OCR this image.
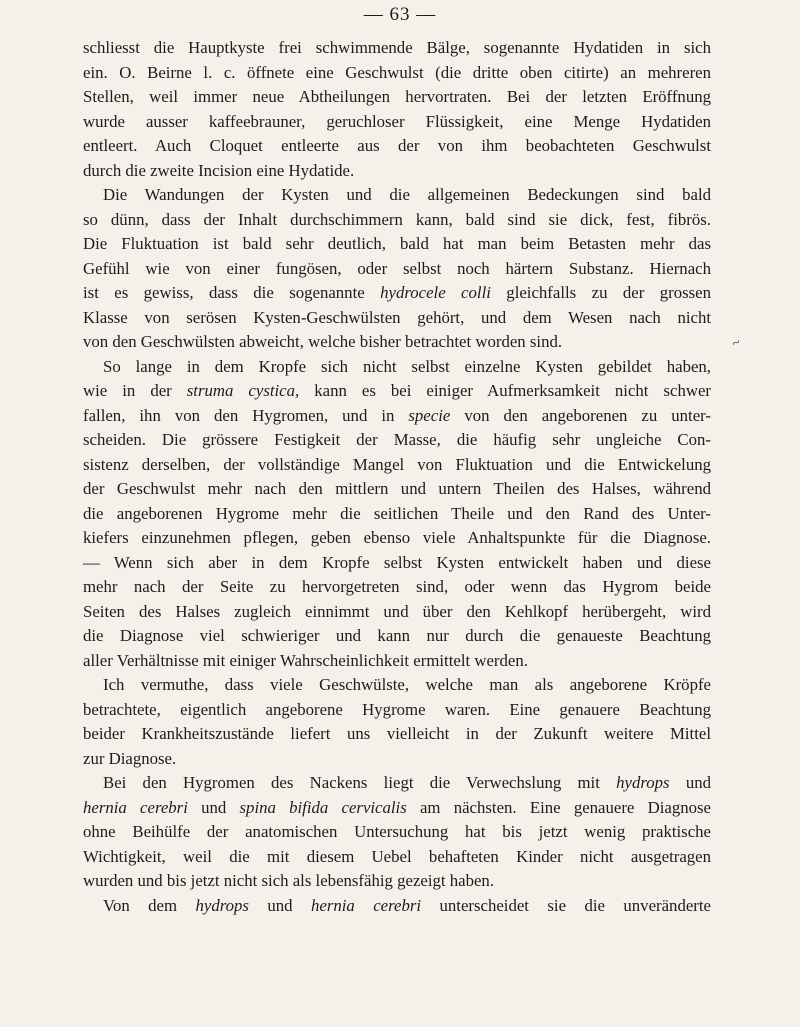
— 63 —
schliesst die Hauptkyste frei schwimmende Bälge, sogenannte Hydatiden in sich
ein. O. Beirne l. c. öffnete eine Geschwulst (die dritte oben citirte) an mehreren
Stellen, weil immer neue Abtheilungen hervortraten. Bei der letzten Eröffnung
wurde ausser kaffeebrauner, geruchloser Flüssigkeit, eine Menge Hydatiden
entleert. Auch Cloquet entleerte aus der von ihm beobachteten Geschwulst
durch die zweite Incision eine Hydatide.
Die Wandungen der Kysten und die allgemeinen Bedeckungen sind bald
so dünn, dass der Inhalt durchschimmern kann, bald sind sie dick, fest, fibrös.
Die Fluktuation ist bald sehr deutlich, bald hat man beim Betasten mehr das
Gefühl wie von einer fungösen, oder selbst noch härtern Substanz. Hiernach
ist es gewiss, dass die sogenannte hydrocele colli gleichfalls zu der grossen
Klasse von serösen Kysten-Geschwülsten gehört, und dem Wesen nach nicht
von den Geschwülsten abweicht, welche bisher betrachtet worden sind.
So lange in dem Kropfe sich nicht selbst einzelne Kysten gebildet haben,
wie in der struma cystica, kann es bei einiger Aufmerksamkeit nicht schwer
fallen, ihn von den Hygromen, und in specie von den angeborenen zu unter-
scheiden. Die grössere Festigkeit der Masse, die häufig sehr ungleiche Con-
sistenz derselben, der vollständige Mangel von Fluktuation und die Entwickelung
der Geschwulst mehr nach den mittlern und untern Theilen des Halses, während
die angeborenen Hygrome mehr die seitlichen Theile und den Rand des Unter-
kiefers einzunehmen pflegen, geben ebenso viele Anhaltspunkte für die Diagnose.
— Wenn sich aber in dem Kropfe selbst Kysten entwickelt haben und diese
mehr nach der Seite zu hervorgetreten sind, oder wenn das Hygrom beide
Seiten des Halses zugleich einnimmt und über den Kehlkopf herübergeht, wird
die Diagnose viel schwieriger und kann nur durch die genaueste Beachtung
aller Verhältnisse mit einiger Wahrscheinlichkeit ermittelt werden.
Ich vermuthe, dass viele Geschwülste, welche man als angeborene Kröpfe
betrachtete, eigentlich angeborene Hygrome waren. Eine genauere Beachtung
beider Krankheitszustände liefert uns vielleicht in der Zukunft weitere Mittel
zur Diagnose.
Bei den Hygromen des Nackens liegt die Verwechslung mit hydrops und
hernia cerebri und spina bifida cervicalis am nächsten. Eine genauere Diagnose
ohne Beihülfe der anatomischen Untersuchung hat bis jetzt wenig praktische
Wichtigkeit, weil die mit diesem Uebel behafteten Kinder nicht ausgetragen
wurden und bis jetzt nicht sich als lebensfähig gezeigt haben.
Von dem hydrops und hernia cerebri unterscheidet sie die unveränderte
~
